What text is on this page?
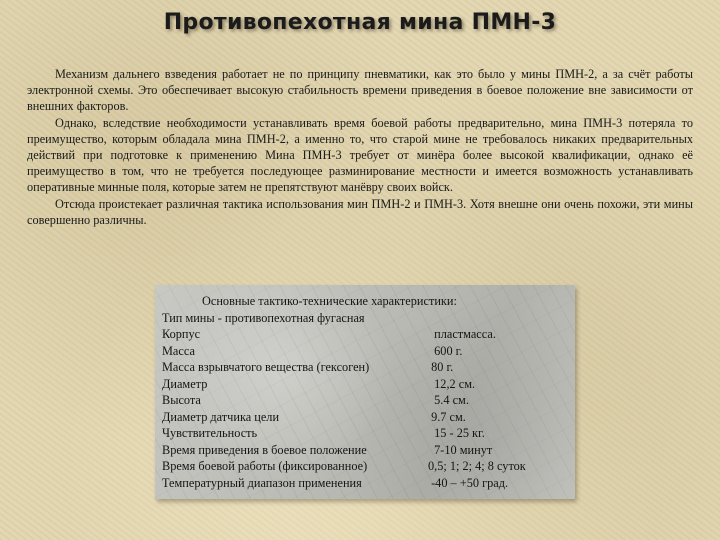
Противопехотная мина ПМН-3

Механизм дальнего взведения работает не по принципу пневматики, как это было у мины ПМН-2, а за счёт работы электронной схемы. Это обеспечивает высокую стабильность времени приведения в боевое положение вне зависимости от внешних факторов.

Однако, вследствие необходимости устанавливать время боевой работы предварительно, мина ПМН-3 потеряла то преимущество, которым обладала мина ПМН-2, а именно то, что старой мине не требовалось никаких предварительных действий при подготовке к применению Мина ПМН-3 требует от минёра более высокой квалификации, однако её преимущество в том, что не требуется последующее разминирование местности и имеется возможность устанавливать оперативные минные поля, которые затем не препятствуют манёвру своих войск.

Отсюда проистекает различная тактика использования мин ПМН-2 и ПМН-3. Хотя внешне они очень похожи, эти мины совершенно различны.

Основные тактико-технические характеристики:
Тип мины - противопехотная фугасная
Корпус	пластмасса.
Масса	600 г.
Масса взрывчатого вещества (гексоген)	80 г.
Диаметр	12,2 см.
Высота	5.4 см.
Диаметр датчика цели	9.7 см.
Чувствительность	15 - 25 кг.
Время приведения в боевое положение	7-10 минут
Время боевой работы (фиксированное)	0,5; 1; 2; 4; 8 суток
Температурный диапазон применения	-40 – +50 град.
